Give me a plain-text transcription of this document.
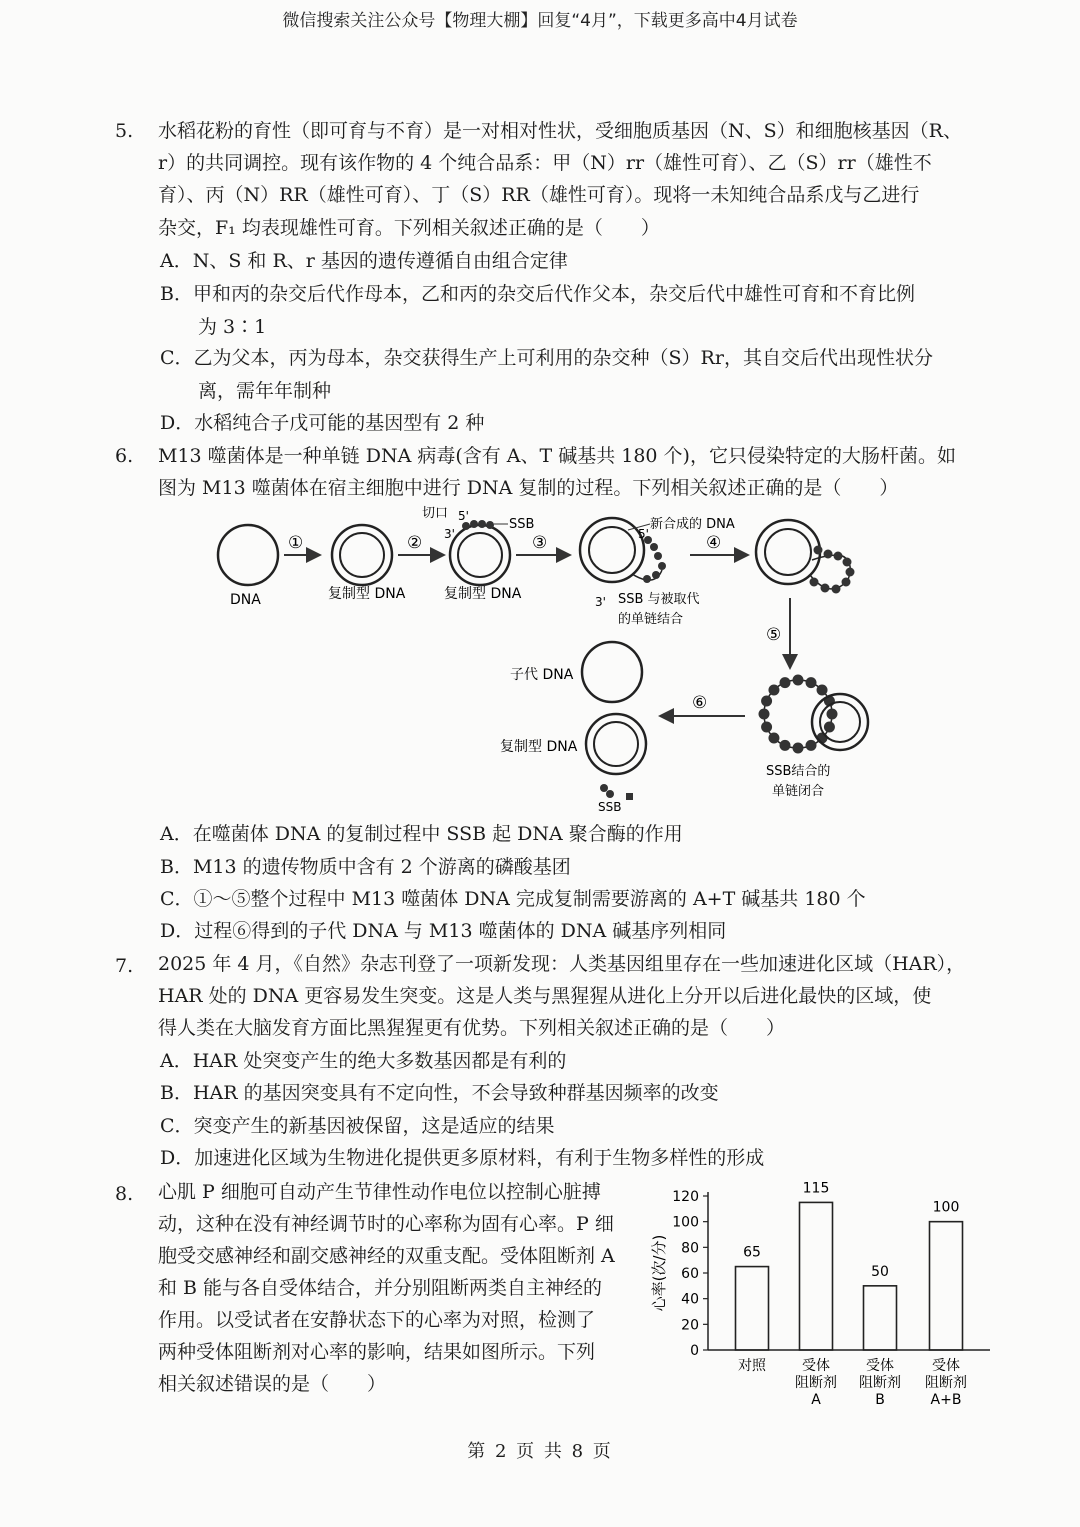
微信搜索关注公众号【物理大棚】回复“4月”，下载更多高中4月试卷
5. 水稻花粉的育性（即可育与不育）是一对相对性状，受细胞质基因（N、S）和细胞核基因（R、
r）的共同调控。现有该作物的 4 个纯合品系：甲（N）rr（雄性可育）、乙（S）rr（雄性不
育）、丙（N）RR（雄性可育）、丁（S）RR（雄性可育）。现将一未知纯合品系戊与乙进行
杂交，F₁ 均表现雄性可育。下列相关叙述正确的是（　　）
A．N、S 和 R、r 基因的遗传遵循自由组合定律
B．甲和丙的杂交后代作母本，乙和丙的杂交后代作父本，杂交后代中雄性可育和不育比例
　　为 3∶1
C．乙为父本，丙为母本，杂交获得生产上可利用的杂交种（S）Rr，其自交后代出现性状分
　　离，需年年制种
D．水稻纯合子戊可能的基因型有 2 种
6. M13 噬菌体是一种单链 DNA 病毒(含有 A、T 碱基共 180 个)，它只侵染特定的大肠杆菌。如
图为 M13 噬菌体在宿主细胞中进行 DNA 复制的过程。下列相关叙述正确的是（　　）
DNA
①
复制型 DNA
②
SSB
切口
3'
5'
复制型 DNA
③
新合成的 DNA
5'
3' SSB 与被取代
的单链结合
④
⑤
SSB结合的
单链闭合
⑥
子代 DNA
复制型 DNA
SSB
A．在噬菌体 DNA 的复制过程中 SSB 起 DNA 聚合酶的作用
B．M13 的遗传物质中含有 2 个游离的磷酸基团
C．①～⑤整个过程中 M13 噬菌体 DNA 完成复制需要游离的 A+T 碱基共 180 个
D．过程⑥得到的子代 DNA 与 M13 噬菌体的 DNA 碱基序列相同
7. 2025 年 4 月，《自然》杂志刊登了一项新发现：人类基因组里存在一些加速进化区域（HAR），
HAR 处的 DNA 更容易发生突变。这是人类与黑猩猩从进化上分开以后进化最快的区域，使
得人类在大脑发育方面比黑猩猩更有优势。下列相关叙述正确的是（　　）
A．HAR 处突变产生的绝大多数基因都是有利的
B．HAR 的基因突变具有不定向性，不会导致种群基因频率的改变
C．突变产生的新基因被保留，这是适应的结果
D．加速进化区域为生物进化提供更多原材料，有利于生物多样性的形成
8. 心肌 P 细胞可自动产生节律性动作电位以控制心脏搏
动，这种在没有神经调节时的心率称为固有心率。P 细
胞受交感神经和副交感神经的双重支配。受体阻断剂 A
和 B 能与各自受体结合，并分别阻断两类自主神经的
作用。以受试者在安静状态下的心率为对照，检测了
两种受体阻断剂对心率的影响，结果如图所示。下列
相关叙述错误的是（　　）
0
20
40
60
80
100
120
心率(次/分)	65
对照
115
受体
阻断剂
A
50
受体
阻断剂
B
100
受体
阻断剂
A+B
第 2 页 共 8 页
